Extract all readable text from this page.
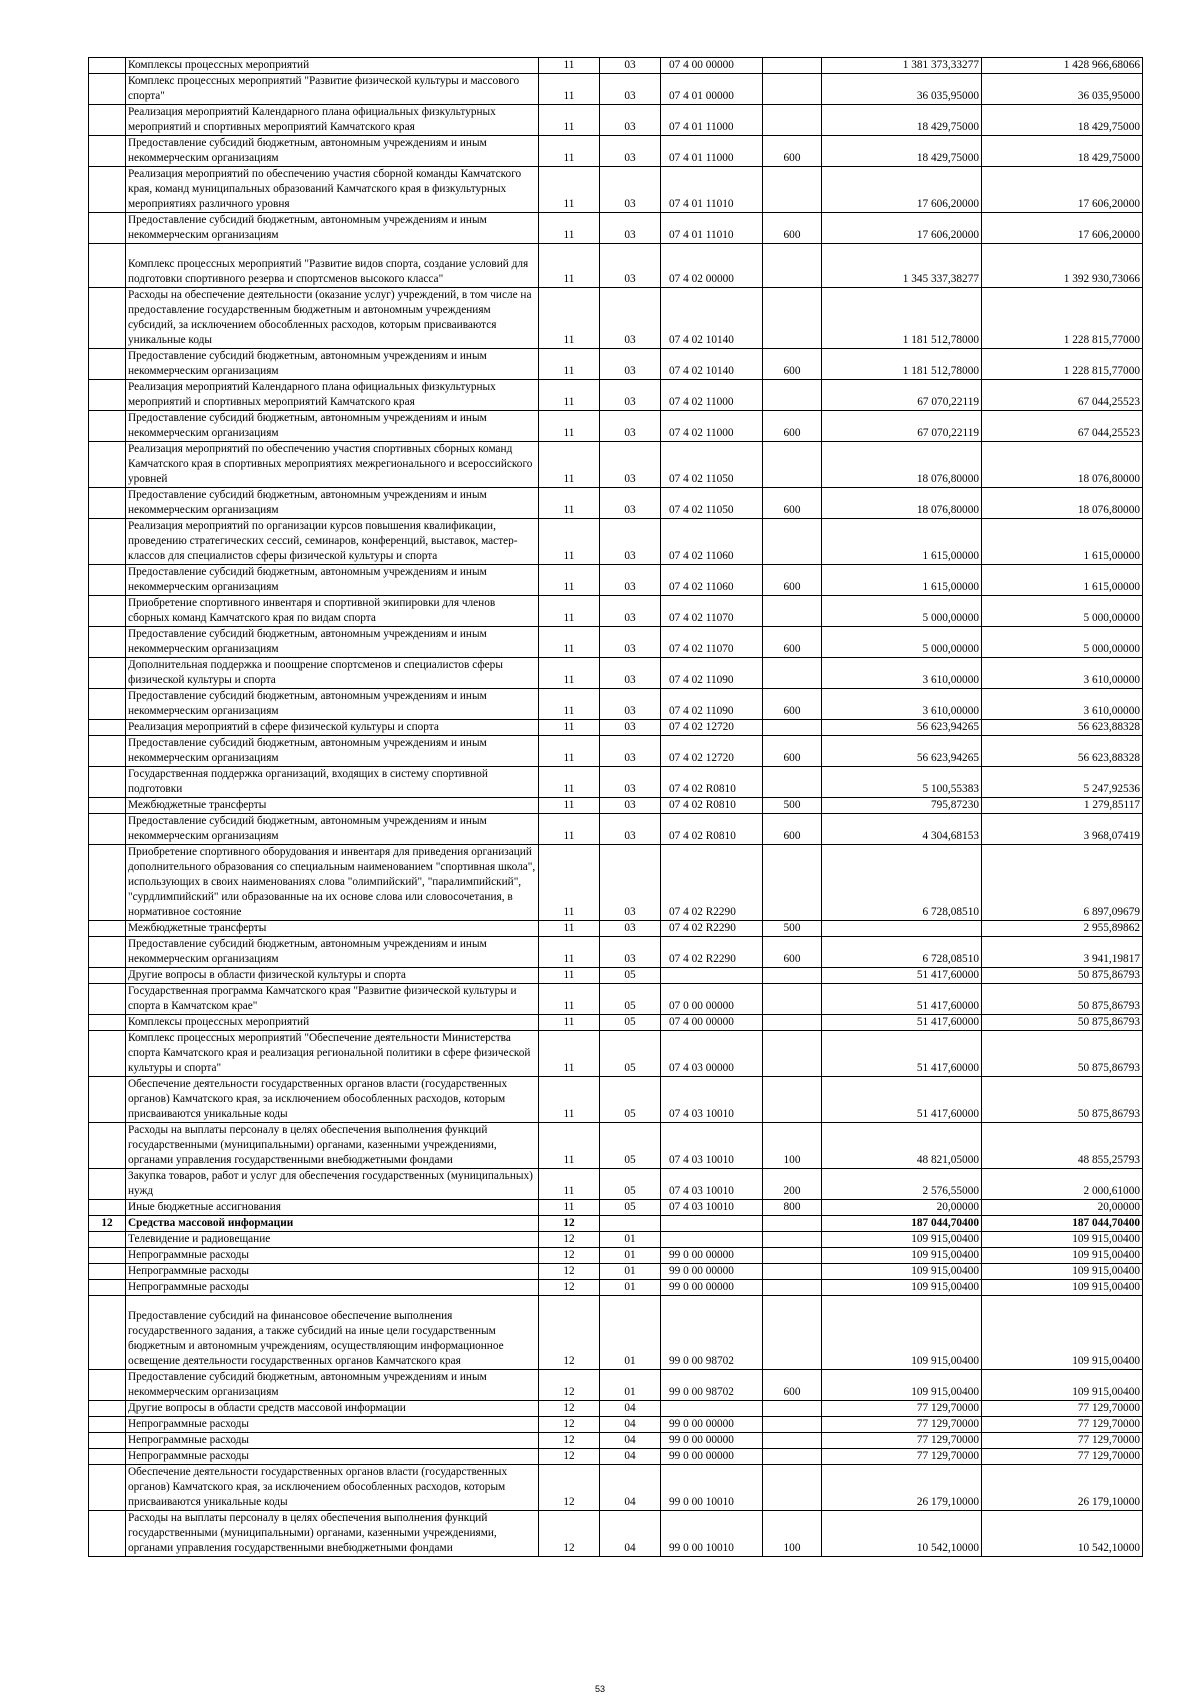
	Комплексы процессных мероприятий	11	03	07 4 00 00000		1 381 373,33277	1 428 966,68066
	Комплекс процессных мероприятий "Развитие физической культуры и массового спорта"	11	03	07 4 01 00000		36 035,95000	36 035,95000
	Реализация мероприятий Календарного плана официальных физкультурных мероприятий и спортивных мероприятий Камчатского края	11	03	07 4 01 11000		18 429,75000	18 429,75000
	Предоставление субсидий бюджетным, автономным учреждениям и иным некоммерческим организациям	11	03	07 4 01 11000	600	18 429,75000	18 429,75000
	Реализация мероприятий по обеспечению участия сборной команды Камчатского края, команд муниципальных образований Камчатского края в физкультурных мероприятиях различного уровня	11	03	07 4 01 11010		17 606,20000	17 606,20000
	Предоставление субсидий бюджетным, автономным учреждениям и иным некоммерческим организациям	11	03	07 4 01 11010	600	17 606,20000	17 606,20000
	Комплекс процессных мероприятий "Развитие видов спорта, создание условий для подготовки спортивного резерва и спортсменов высокого класса"	11	03	07 4 02 00000		1 345 337,38277	1 392 930,73066
	Расходы на обеспечение деятельности (оказание услуг) учреждений, в том числе на предоставление государственным бюджетным и автономным учреждениям субсидий, за исключением обособленных расходов, которым присваиваются уникальные коды	11	03	07 4 02 10140		1 181 512,78000	1 228 815,77000
	Предоставление субсидий бюджетным, автономным учреждениям и иным некоммерческим организациям	11	03	07 4 02 10140	600	1 181 512,78000	1 228 815,77000
	Реализация мероприятий Календарного плана официальных физкультурных мероприятий и спортивных мероприятий Камчатского края	11	03	07 4 02 11000		67 070,22119	67 044,25523
	Предоставление субсидий бюджетным, автономным учреждениям и иным некоммерческим организациям	11	03	07 4 02 11000	600	67 070,22119	67 044,25523
	Реализация мероприятий по обеспечению участия спортивных сборных команд Камчатского края в спортивных мероприятиях межрегионального и всероссийского уровней	11	03	07 4 02 11050		18 076,80000	18 076,80000
	Предоставление субсидий бюджетным, автономным учреждениям и иным некоммерческим организациям	11	03	07 4 02 11050	600	18 076,80000	18 076,80000
	Реализация мероприятий по организации курсов повышения квалификации, проведению стратегических сессий, семинаров, конференций, выставок, мастер-классов для специалистов сферы физической культуры и спорта	11	03	07 4 02 11060		1 615,00000	1 615,00000
	Предоставление субсидий бюджетным, автономным учреждениям и иным некоммерческим организациям	11	03	07 4 02 11060	600	1 615,00000	1 615,00000
	Приобретение спортивного инвентаря и спортивной экипировки для членов сборных команд Камчатского края по видам спорта	11	03	07 4 02 11070		5 000,00000	5 000,00000
	Предоставление субсидий бюджетным, автономным учреждениям и иным некоммерческим организациям	11	03	07 4 02 11070	600	5 000,00000	5 000,00000
	Дополнительная поддержка и поощрение спортсменов и специалистов сферы физической культуры и спорта	11	03	07 4 02 11090		3 610,00000	3 610,00000
	Предоставление субсидий бюджетным, автономным учреждениям и иным некоммерческим организациям	11	03	07 4 02 11090	600	3 610,00000	3 610,00000
	Реализация мероприятий в сфере физической культуры и спорта	11	03	07 4 02 12720		56 623,94265	56 623,88328
	Предоставление субсидий бюджетным, автономным учреждениям и иным некоммерческим организациям	11	03	07 4 02 12720	600	56 623,94265	56 623,88328
	Государственная поддержка организаций, входящих в систему спортивной подготовки	11	03	07 4 02 R0810		5 100,55383	5 247,92536
	Межбюджетные трансферты	11	03	07 4 02 R0810	500	795,87230	1 279,85117
	Предоставление субсидий бюджетным, автономным учреждениям и иным некоммерческим организациям	11	03	07 4 02 R0810	600	4 304,68153	3 968,07419
	Приобретение спортивного оборудования и инвентаря для приведения организаций дополнительного образования со специальным наименованием "спортивная школа", использующих в своих наименованиях слова "олимпийский", "паралимпийский", "сурдлимпийский" или образованные на их основе слова или словосочетания, в нормативное состояние	11	03	07 4 02 R2290		6 728,08510	6 897,09679
	Межбюджетные трансферты	11	03	07 4 02 R2290	500		2 955,89862
	Предоставление субсидий бюджетным, автономным учреждениям и иным некоммерческим организациям	11	03	07 4 02 R2290	600	6 728,08510	3 941,19817
	Другие вопросы в области физической культуры и спорта	11	05			51 417,60000	50 875,86793
	Государственная программа Камчатского края "Развитие физической культуры и спорта в Камчатском крае"	11	05	07 0 00 00000		51 417,60000	50 875,86793
	Комплексы процессных мероприятий	11	05	07 4 00 00000		51 417,60000	50 875,86793
	Комплекс процессных мероприятий "Обеспечение деятельности Министерства спорта Камчатского края и реализация региональной политики в сфере физической культуры и спорта"	11	05	07 4 03 00000		51 417,60000	50 875,86793
	Обеспечение деятельности государственных органов власти (государственных органов) Камчатского края, за исключением обособленных расходов, которым присваиваются уникальные коды	11	05	07 4 03 10010		51 417,60000	50 875,86793
	Расходы на выплаты персоналу в целях обеспечения выполнения функций государственными (муниципальными) органами, казенными учреждениями, органами управления государственными внебюджетными фондами	11	05	07 4 03 10010	100	48 821,05000	48 855,25793
	Закупка товаров, работ и услуг для обеспечения государственных (муниципальных) нужд	11	05	07 4 03 10010	200	2 576,55000	2 000,61000
	Иные бюджетные ассигнования	11	05	07 4 03 10010	800	20,00000	20,00000
12	Средства массовой информации	12				187 044,70400	187 044,70400
	Телевидение и радиовещание	12	01			109 915,00400	109 915,00400
	Непрограммные расходы	12	01	99 0 00 00000		109 915,00400	109 915,00400
	Непрограммные расходы	12	01	99 0 00 00000		109 915,00400	109 915,00400
	Непрограммные расходы	12	01	99 0 00 00000		109 915,00400	109 915,00400
	Предоставление субсидий на финансовое обеспечение выполнения государственного задания, а также субсидий на иные цели государственным бюджетным и автономным учреждениям, осуществляющим информационное освещение деятельности государственных органов Камчатского края	12	01	99 0 00 98702		109 915,00400	109 915,00400
	Предоставление субсидий бюджетным, автономным учреждениям и иным некоммерческим организациям	12	01	99 0 00 98702	600	109 915,00400	109 915,00400
	Другие вопросы в области средств массовой информации	12	04			77 129,70000	77 129,70000
	Непрограммные расходы	12	04	99 0 00 00000		77 129,70000	77 129,70000
	Непрограммные расходы	12	04	99 0 00 00000		77 129,70000	77 129,70000
	Непрограммные расходы	12	04	99 0 00 00000		77 129,70000	77 129,70000
	Обеспечение деятельности государственных органов власти (государственных органов) Камчатского края, за исключением обособленных расходов, которым присваиваются уникальные коды	12	04	99 0 00 10010		26 179,10000	26 179,10000
	Расходы на выплаты персоналу в целях обеспечения выполнения функций государственными (муниципальными) органами, казенными учреждениями, органами управления государственными внебюджетными фондами	12	04	99 0 00 10010	100	10 542,10000	10 542,10000
53
